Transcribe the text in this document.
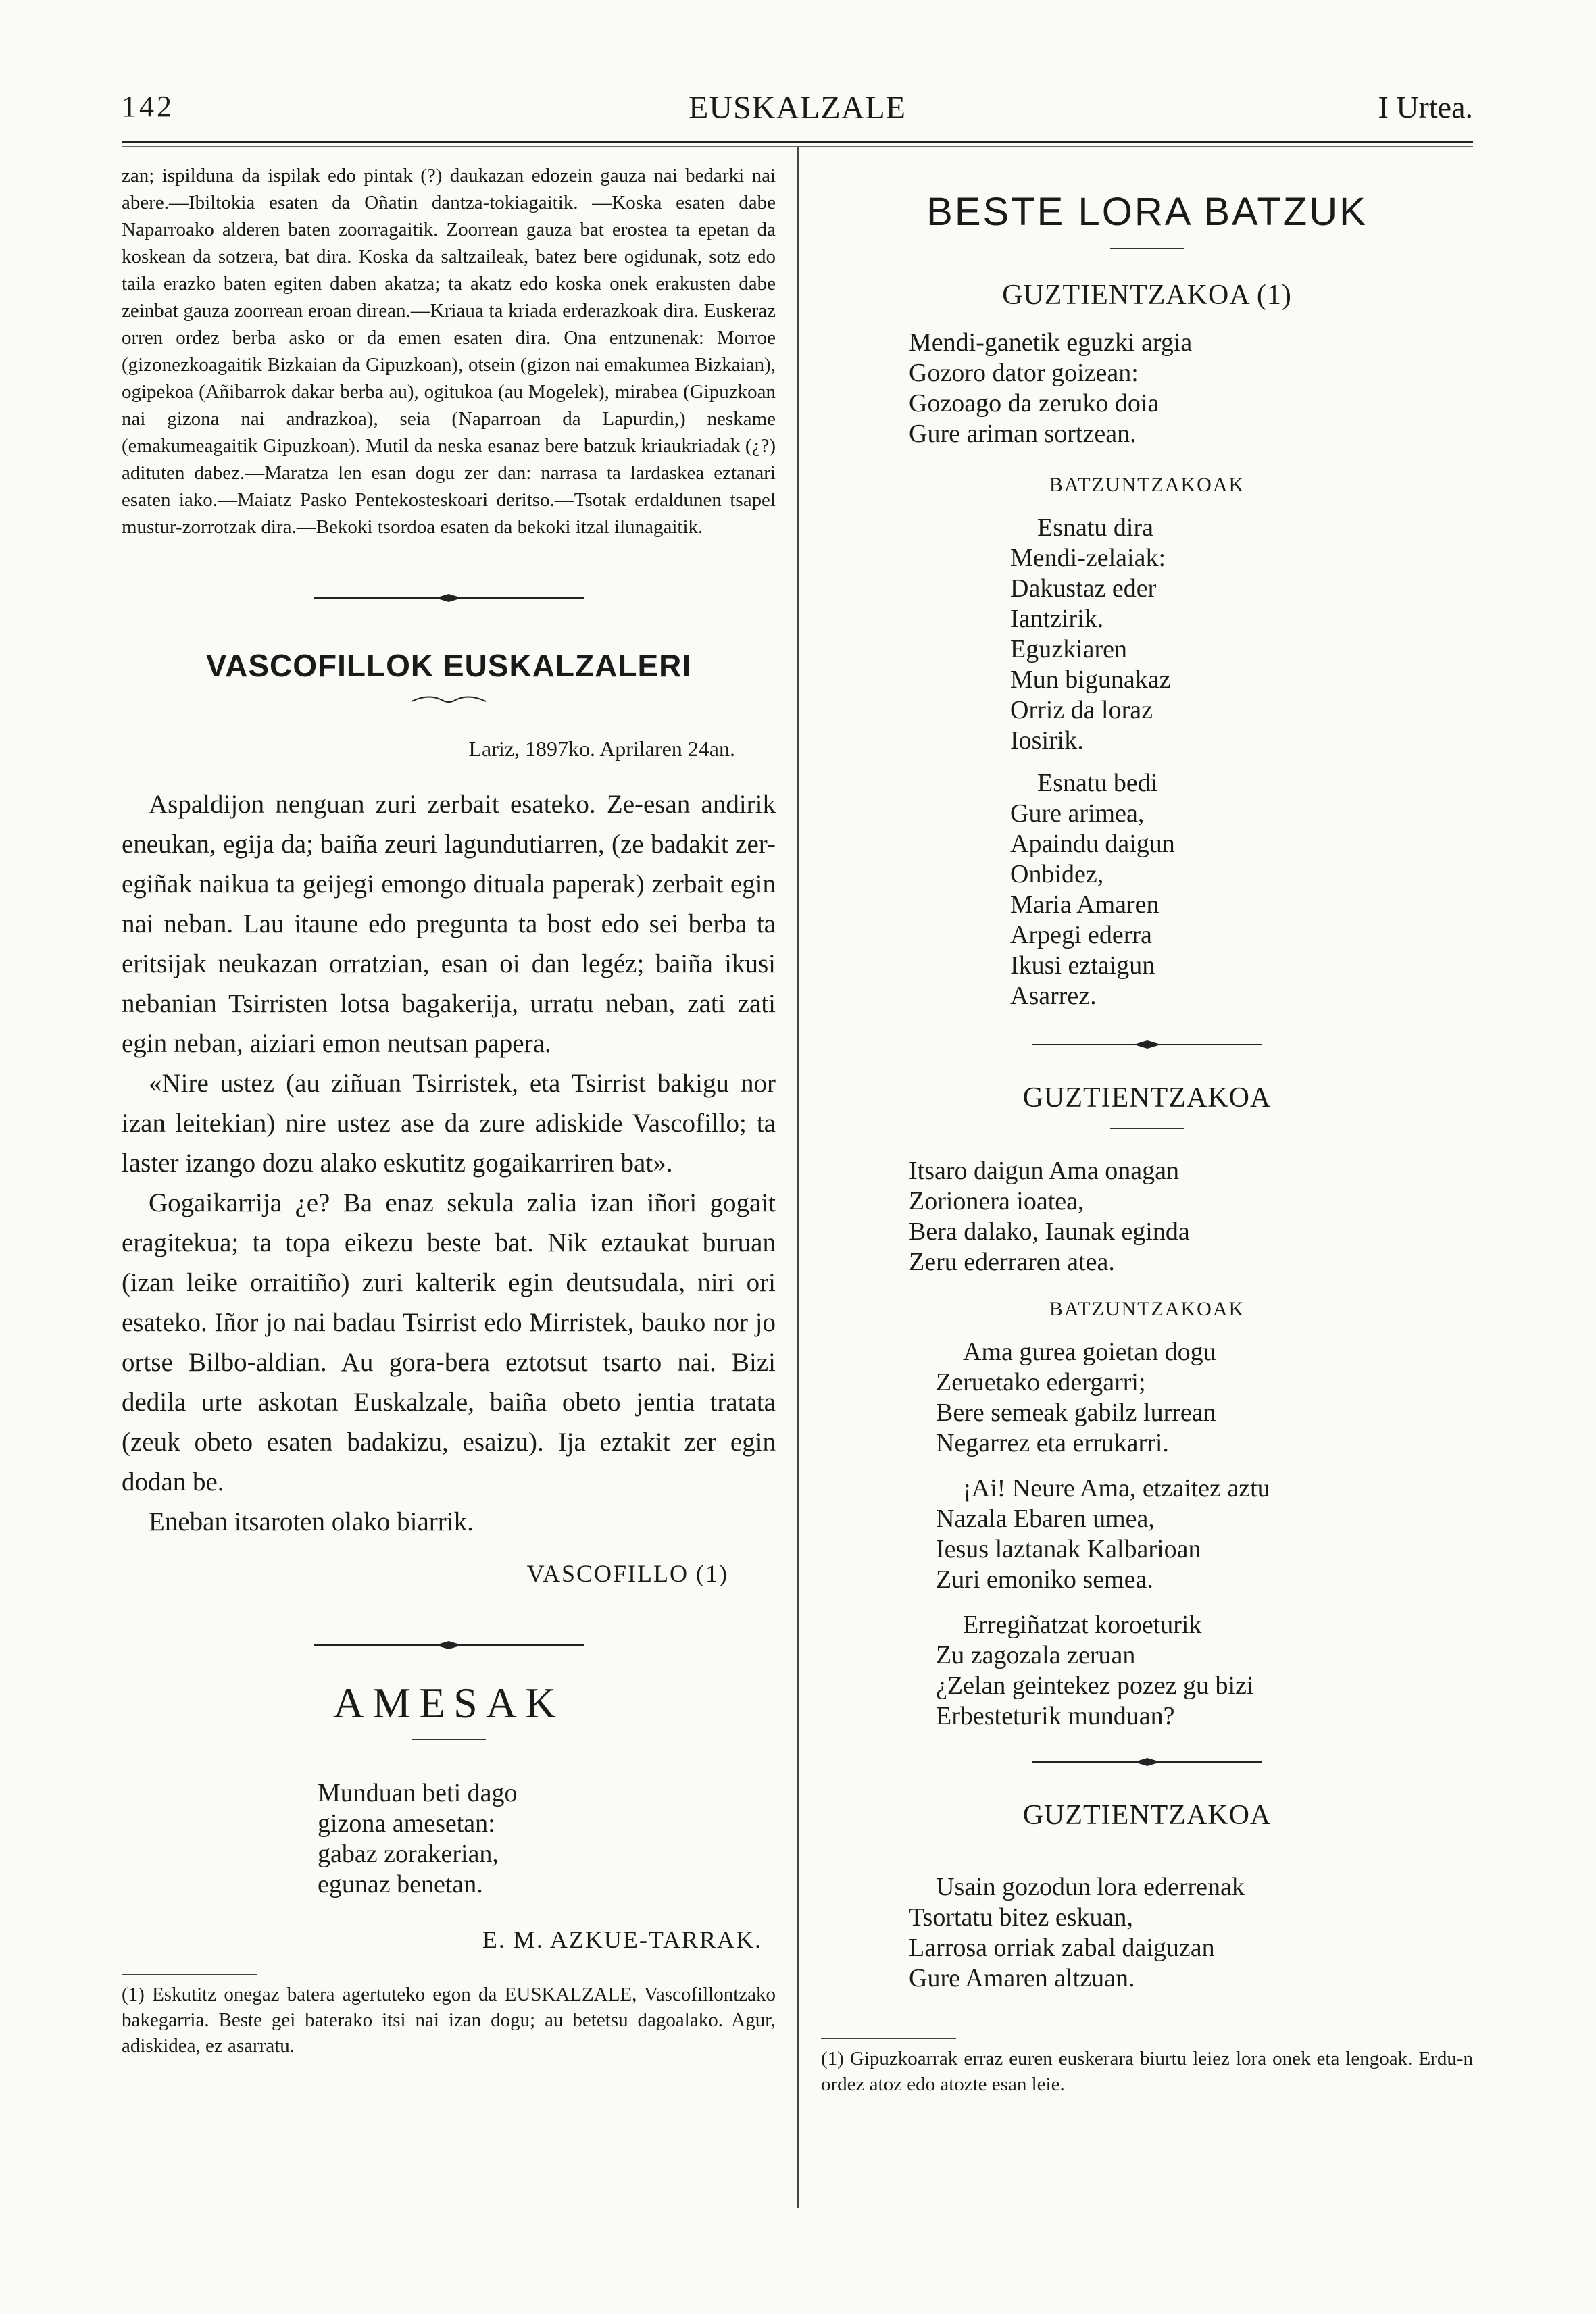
142	EUSKALZALE	I Urtea.

zan; ispilduna da ispilak edo pintak (?) daukazan edozein gauza nai bedarki nai abere.—Ibiltokia esaten da Oñatin dantza-tokiagaitik. —Koska esaten dabe Naparroako alderen baten zoorragaitik. Zoorrean gauza bat erostea ta epetan da koskean da sotzera, bat dira. Koska da saltzaileak, batez bere ogidunak, sotz edo taila erazko baten egiten daben akatza; ta akatz edo koska onek erakusten dabe zeinbat gauza zoorrean eroan direan.—Kriaua ta kriada erderazkoak dira. Euskeraz orren ordez berba asko or da emen esaten dira. Ona entzunenak: Morroe (gizonezkoagaitik Bizkaian da Gipuzkoan), otsein (gizon nai emakumea Bizkaian), ogipekoa (Añibarrok dakar berba au), ogitukoa (au Mogelek), mirabea (Gipuzkoan nai gizona nai andrazkoa), seia (Naparroan da Lapurdin,) neskame (emakumeagaitik Gipuzkoan). Mutil da neska esanaz bere batzuk kriaukriadak (¿?) adituten dabez.—Maratza len esan dogu zer dan: narrasa ta lardaskea eztanari esaten iako.—Maiatz Pasko Pentekosteskoari deritso.—Tsotak erdaldunen tsapel mustur-zorrotzak dira.—Bekoki tsordoa esaten da bekoki itzal ilunagaitik.

VASCOFILLOK EUSKALZALERI
Lariz, 1897ko. Aprilaren 24an.

Aspaldijon nenguan zuri zerbait esateko. Ze-esan andirik eneukan, egija da; baiña zeuri lagundutiarren, (ze badakit zer-egiñak naikua ta geijegi emongo ditualа paperak) zerbait egin nai neban. Lau itaune edo pregunta ta bost edo sei berba ta eritsijak neukazan orratzian, esan oi dan legéz; baiña ikusi nebanian Tsirristen lotsa bagakerija, urratu neban, zati zati egin neban, aiziari emon neutsan papera.

«Nire ustez (au ziñuan Tsirristek, eta Tsirrist bakigu nor izan leitekian) nire ustez ase da zure adiskide Vascofillo; ta laster izango dozu alako eskutitz gogaikarriren bat».

Gogaikarrija ¿e? Ba enaz sekula zalia izan iñori gogait eragitekua; ta topa eikezu beste bat. Nik eztaukat buruan (izan leike orraitiño) zuri kalterik egin deutsudala, niri ori esateko. Iñor jo nai badau Tsirrist edo Mirristek, bauko nor jo ortse Bilbo-aldian. Au gora-bera eztotsut tsarto nai. Bizi dedila urte askotan Euskalzale, baiña obeto jentia tratata (zeuk obeto esaten badakizu, esaizu). Ija eztakit zer egin dodan be.

Eneban itsaroten olako biarrik.

VASCOFILLO (1)
AMESAK
Munduan beti dago
gizona amesetan:
gabaz zorakerian,
egunaz benetan.
E. M. AZKUE-TARRAK.
(1) Eskutitz onegaz batera agertuteko egon da EUSKALZALE, Vascofillontzako bakegarria. Beste gei baterako itsi nai izan dogu; au betetsu dagoalako. Agur, adiskidea, ez asarratu.
BESTE LORA BATZUK
GUZTIENTZAKOA (1)
Mendi-ganetik eguzki argia
Gozoro dator goizean:
Gozoago da zeruko doia
Gure ariman sortzean.
BATZUNTZAKOAK
Esnatu dira
Mendi-zelaiak:
Dakustaz eder
Iantzirik.
Eguzkiaren
Mun bigunakaz
Orriz da loraz
Iosirik.
Esnatu bedi
Gure arimea,
Apaindu daigun
Onbidez,
Maria Amaren
Arpegi ederra
Ikusi eztaigun
Asarrez.
GUZTIENTZAKOA
Itsaro daigun Ama onagan
Zorionera ioatea,
Bera dalako, Iaunak eginda
Zeru ederraren atea.
BATZUNTZAKOAK
Ama gurea goietan dogu
Zeruetako edergarri;
Bere semeak gabilz lurrean
Negarrez eta errukarri.
¡Ai! Neure Ama, etzaitez aztu
Nazala Ebaren umea,
Iesus laztanak Kalbarioan
Zuri emoniko semea.
Erregiñatzat koroeturik
Zu zagozala zeruan
¿Zelan geintekez pozez gu bizi
Erbesteturik munduan?
GUZTIENTZAKOA
Usain gozodun lora ederrenak
Tsortatu bitez eskuan,
Larrosa orriak zabal daiguzan
Gure Amaren altzuan.
(1) Gipuzkoarrak erraz euren euskerara biurtu leiez lora onek eta lengoak. Erdu-n ordez atoz edo atozte esan leie.
